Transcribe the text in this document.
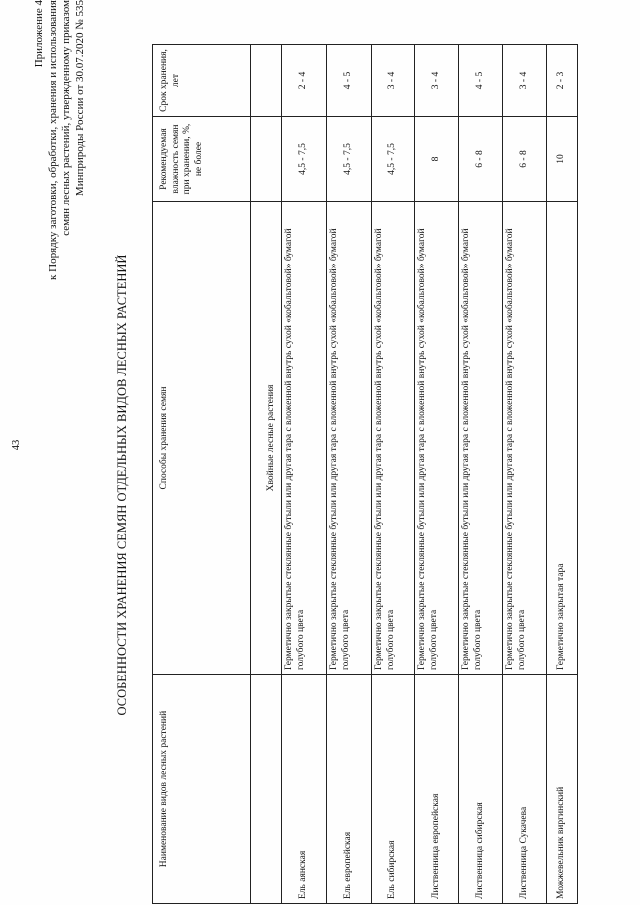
43
Приложение 4 к Порядку заготовки, обработки, хранения и использования семян лесных растений, утвержденному приказом Минприроды России от 30.07.2020 № 535
ОСОБЕННОСТИ ХРАНЕНИЯ СЕМЯН ОТДЕЛЬНЫХ ВИДОВ ЛЕСНЫХ РАСТЕНИЙ
Наименование видов лесных растений	Способы хранения семян	Рекомендуемая влажность семян при хранении, %, не более	Срок хранения, лет
	Хвойные лесные растения		
Ель аянская	Герметично закрытые стеклянные бутыли или другая тара с вложенной внутрь сухой «кобальтовой» бумагой голубого цвета	4,5 - 7,5	2 - 4
Ель европейская	Герметично закрытые стеклянные бутыли или другая тара с вложенной внутрь сухой «кобальтовой» бумагой голубого цвета	4,5 - 7,5	4 - 5
Ель сибирская	Герметично закрытые стеклянные бутыли или другая тара с вложенной внутрь сухой «кобальтовой» бумагой голубого цвета	4,5 - 7,5	3 - 4
Лиственница европейская	Герметично закрытые стеклянные бутыли или другая тара с вложенной внутрь сухой «кобальтовой» бумагой голубого цвета	8	3 - 4
Лиственница сибирская	Герметично закрытые стеклянные бутыли или другая тара с вложенной внутрь сухой «кобальтовой» бумагой голубого цвета	6 - 8	4 - 5
Лиственница Сукачева	Герметично закрытые стеклянные бутыли или другая тара с вложенной внутрь сухой «кобальтовой» бумагой голубого цвета	6 - 8	3 - 4
Можжевельник виргинский	Герметично закрытая тара	10	2 - 3
